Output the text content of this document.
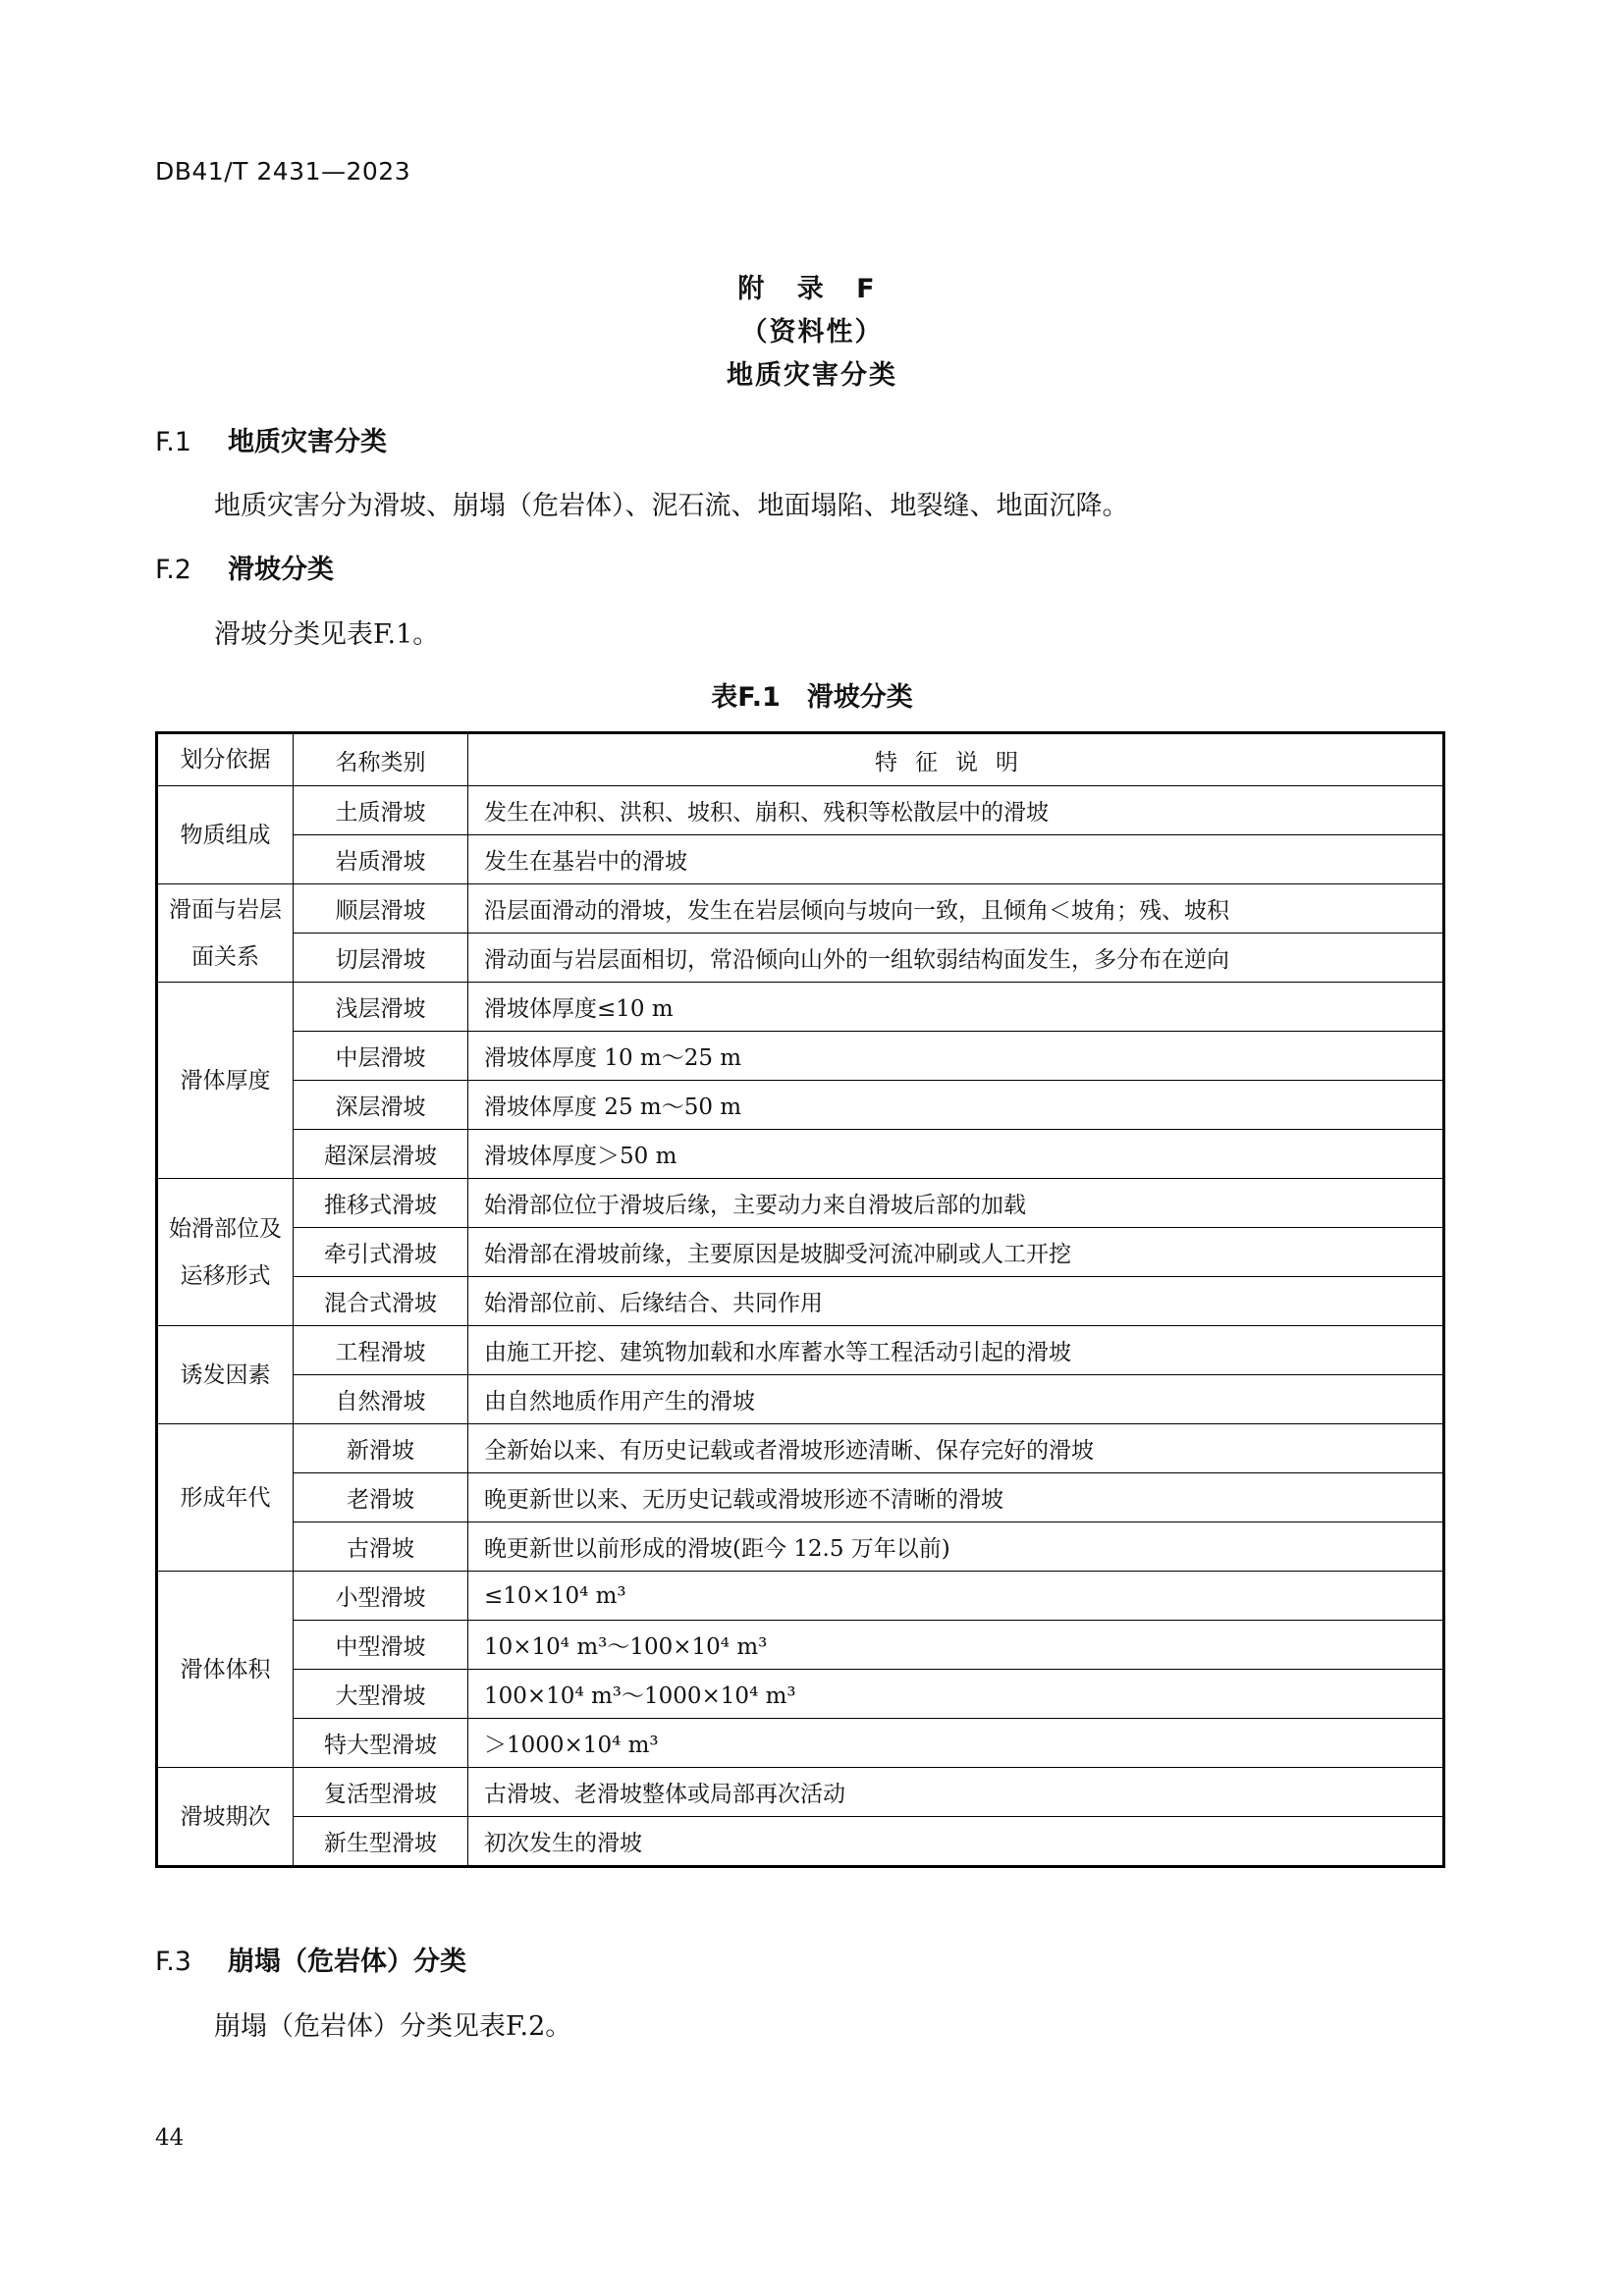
DB41/T 2431—2023
附 录 F
（资料性）
地质灾害分类
F.1 地质灾害分类
地质灾害分为滑坡、崩塌（危岩体）、泥石流、地面塌陷、地裂缝、地面沉降。
F.2 滑坡分类
滑坡分类见表F.1。
表F.1　滑坡分类
划分依据	名称类别	特征说明
物质组成	土质滑坡	发生在冲积、洪积、坡积、崩积、残积等松散层中的滑坡
	岩质滑坡	发生在基岩中的滑坡
滑面与岩层面关系	顺层滑坡	沿层面滑动的滑坡，发生在岩层倾向与坡向一致，且倾角＜坡角；残、坡积
	切层滑坡	滑动面与岩层面相切，常沿倾向山外的一组软弱结构面发生，多分布在逆向
滑体厚度	浅层滑坡	滑坡体厚度≤10 m
	中层滑坡	滑坡体厚度 10 m～25 m
	深层滑坡	滑坡体厚度 25 m～50 m
	超深层滑坡	滑坡体厚度＞50 m
始滑部位及运移形式	推移式滑坡	始滑部位位于滑坡后缘，主要动力来自滑坡后部的加载
	牵引式滑坡	始滑部在滑坡前缘，主要原因是坡脚受河流冲刷或人工开挖
	混合式滑坡	始滑部位前、后缘结合、共同作用
诱发因素	工程滑坡	由施工开挖、建筑物加载和水库蓄水等工程活动引起的滑坡
	自然滑坡	由自然地质作用产生的滑坡
形成年代	新滑坡	全新始以来、有历史记载或者滑坡形迹清晰、保存完好的滑坡
	老滑坡	晚更新世以来、无历史记载或滑坡形迹不清晰的滑坡
	古滑坡	晚更新世以前形成的滑坡(距今 12.5 万年以前)
滑体体积	小型滑坡	≤10×10⁴ m³
	中型滑坡	10×10⁴ m³～100×10⁴ m³
	大型滑坡	100×10⁴ m³～1000×10⁴ m³
	特大型滑坡	＞1000×10⁴ m³
滑坡期次	复活型滑坡	古滑坡、老滑坡整体或局部再次活动
	新生型滑坡	初次发生的滑坡
F.3 崩塌（危岩体）分类
崩塌（危岩体）分类见表F.2。
44
